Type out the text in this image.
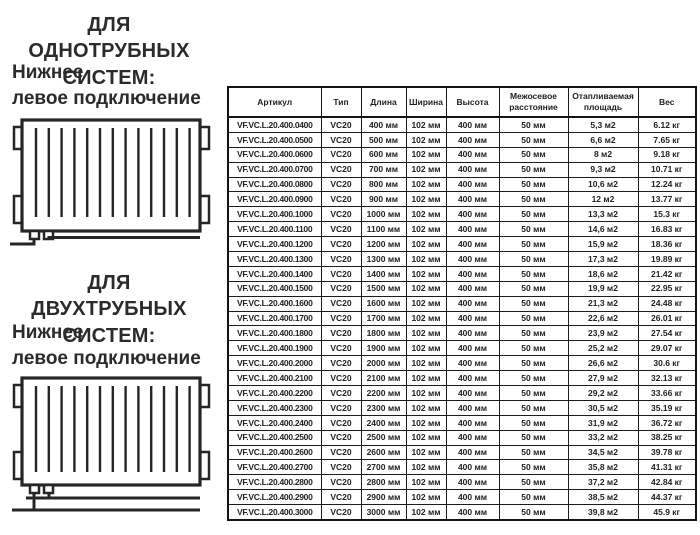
ДЛЯ ОДНОТРУБНЫХ
СИСТЕМ:

Нижнее
левое подключение

ДЛЯ ДВУХТРУБНЫХ
СИСТЕМ:

Нижнее
левое подключение

Артикул	Тип	Длина	Ширина	Высота	Межосевое расстояние	Отапливаемая площадь	Вес
VF.VC.L.20.400.0400	VC20	400 мм	102 мм	400 мм	50 мм	5,3 м2	6.12 кг
VF.VC.L.20.400.0500	VC20	500 мм	102 мм	400 мм	50 мм	6,6 м2	7.65 кг
VF.VC.L.20.400.0600	VC20	600 мм	102 мм	400 мм	50 мм	8 м2	9.18 кг
VF.VC.L.20.400.0700	VC20	700 мм	102 мм	400 мм	50 мм	9,3 м2	10.71 кг
VF.VC.L.20.400.0800	VC20	800 мм	102 мм	400 мм	50 мм	10,6 м2	12.24 кг
VF.VC.L.20.400.0900	VC20	900 мм	102 мм	400 мм	50 мм	12 м2	13.77 кг
VF.VC.L.20.400.1000	VC20	1000 мм	102 мм	400 мм	50 мм	13,3 м2	15.3 кг
VF.VC.L.20.400.1100	VC20	1100 мм	102 мм	400 мм	50 мм	14,6 м2	16.83 кг
VF.VC.L.20.400.1200	VC20	1200 мм	102 мм	400 мм	50 мм	15,9 м2	18.36 кг
VF.VC.L.20.400.1300	VC20	1300 мм	102 мм	400 мм	50 мм	17,3 м2	19.89 кг
VF.VC.L.20.400.1400	VC20	1400 мм	102 мм	400 мм	50 мм	18,6 м2	21.42 кг
VF.VC.L.20.400.1500	VC20	1500 мм	102 мм	400 мм	50 мм	19,9 м2	22.95 кг
VF.VC.L.20.400.1600	VC20	1600 мм	102 мм	400 мм	50 мм	21,3 м2	24.48 кг
VF.VC.L.20.400.1700	VC20	1700 мм	102 мм	400 мм	50 мм	22,6 м2	26.01 кг
VF.VC.L.20.400.1800	VC20	1800 мм	102 мм	400 мм	50 мм	23,9 м2	27.54 кг
VF.VC.L.20.400.1900	VC20	1900 мм	102 мм	400 мм	50 мм	25,2 м2	29.07 кг
VF.VC.L.20.400.2000	VC20	2000 мм	102 мм	400 мм	50 мм	26,6 м2	30.6 кг
VF.VC.L.20.400.2100	VC20	2100 мм	102 мм	400 мм	50 мм	27,9 м2	32.13 кг
VF.VC.L.20.400.2200	VC20	2200 мм	102 мм	400 мм	50 мм	29,2 м2	33.66 кг
VF.VC.L.20.400.2300	VC20	2300 мм	102 мм	400 мм	50 мм	30,5 м2	35.19 кг
VF.VC.L.20.400.2400	VC20	2400 мм	102 мм	400 мм	50 мм	31,9 м2	36.72 кг
VF.VC.L.20.400.2500	VC20	2500 мм	102 мм	400 мм	50 мм	33,2 м2	38.25 кг
VF.VC.L.20.400.2600	VC20	2600 мм	102 мм	400 мм	50 мм	34,5 м2	39.78 кг
VF.VC.L.20.400.2700	VC20	2700 мм	102 мм	400 мм	50 мм	35,8 м2	41.31 кг
VF.VC.L.20.400.2800	VC20	2800 мм	102 мм	400 мм	50 мм	37,2 м2	42.84 кг
VF.VC.L.20.400.2900	VC20	2900 мм	102 мм	400 мм	50 мм	38,5 м2	44.37 кг
VF.VC.L.20.400.3000	VC20	3000 мм	102 мм	400 мм	50 мм	39,8 м2	45.9 кг
